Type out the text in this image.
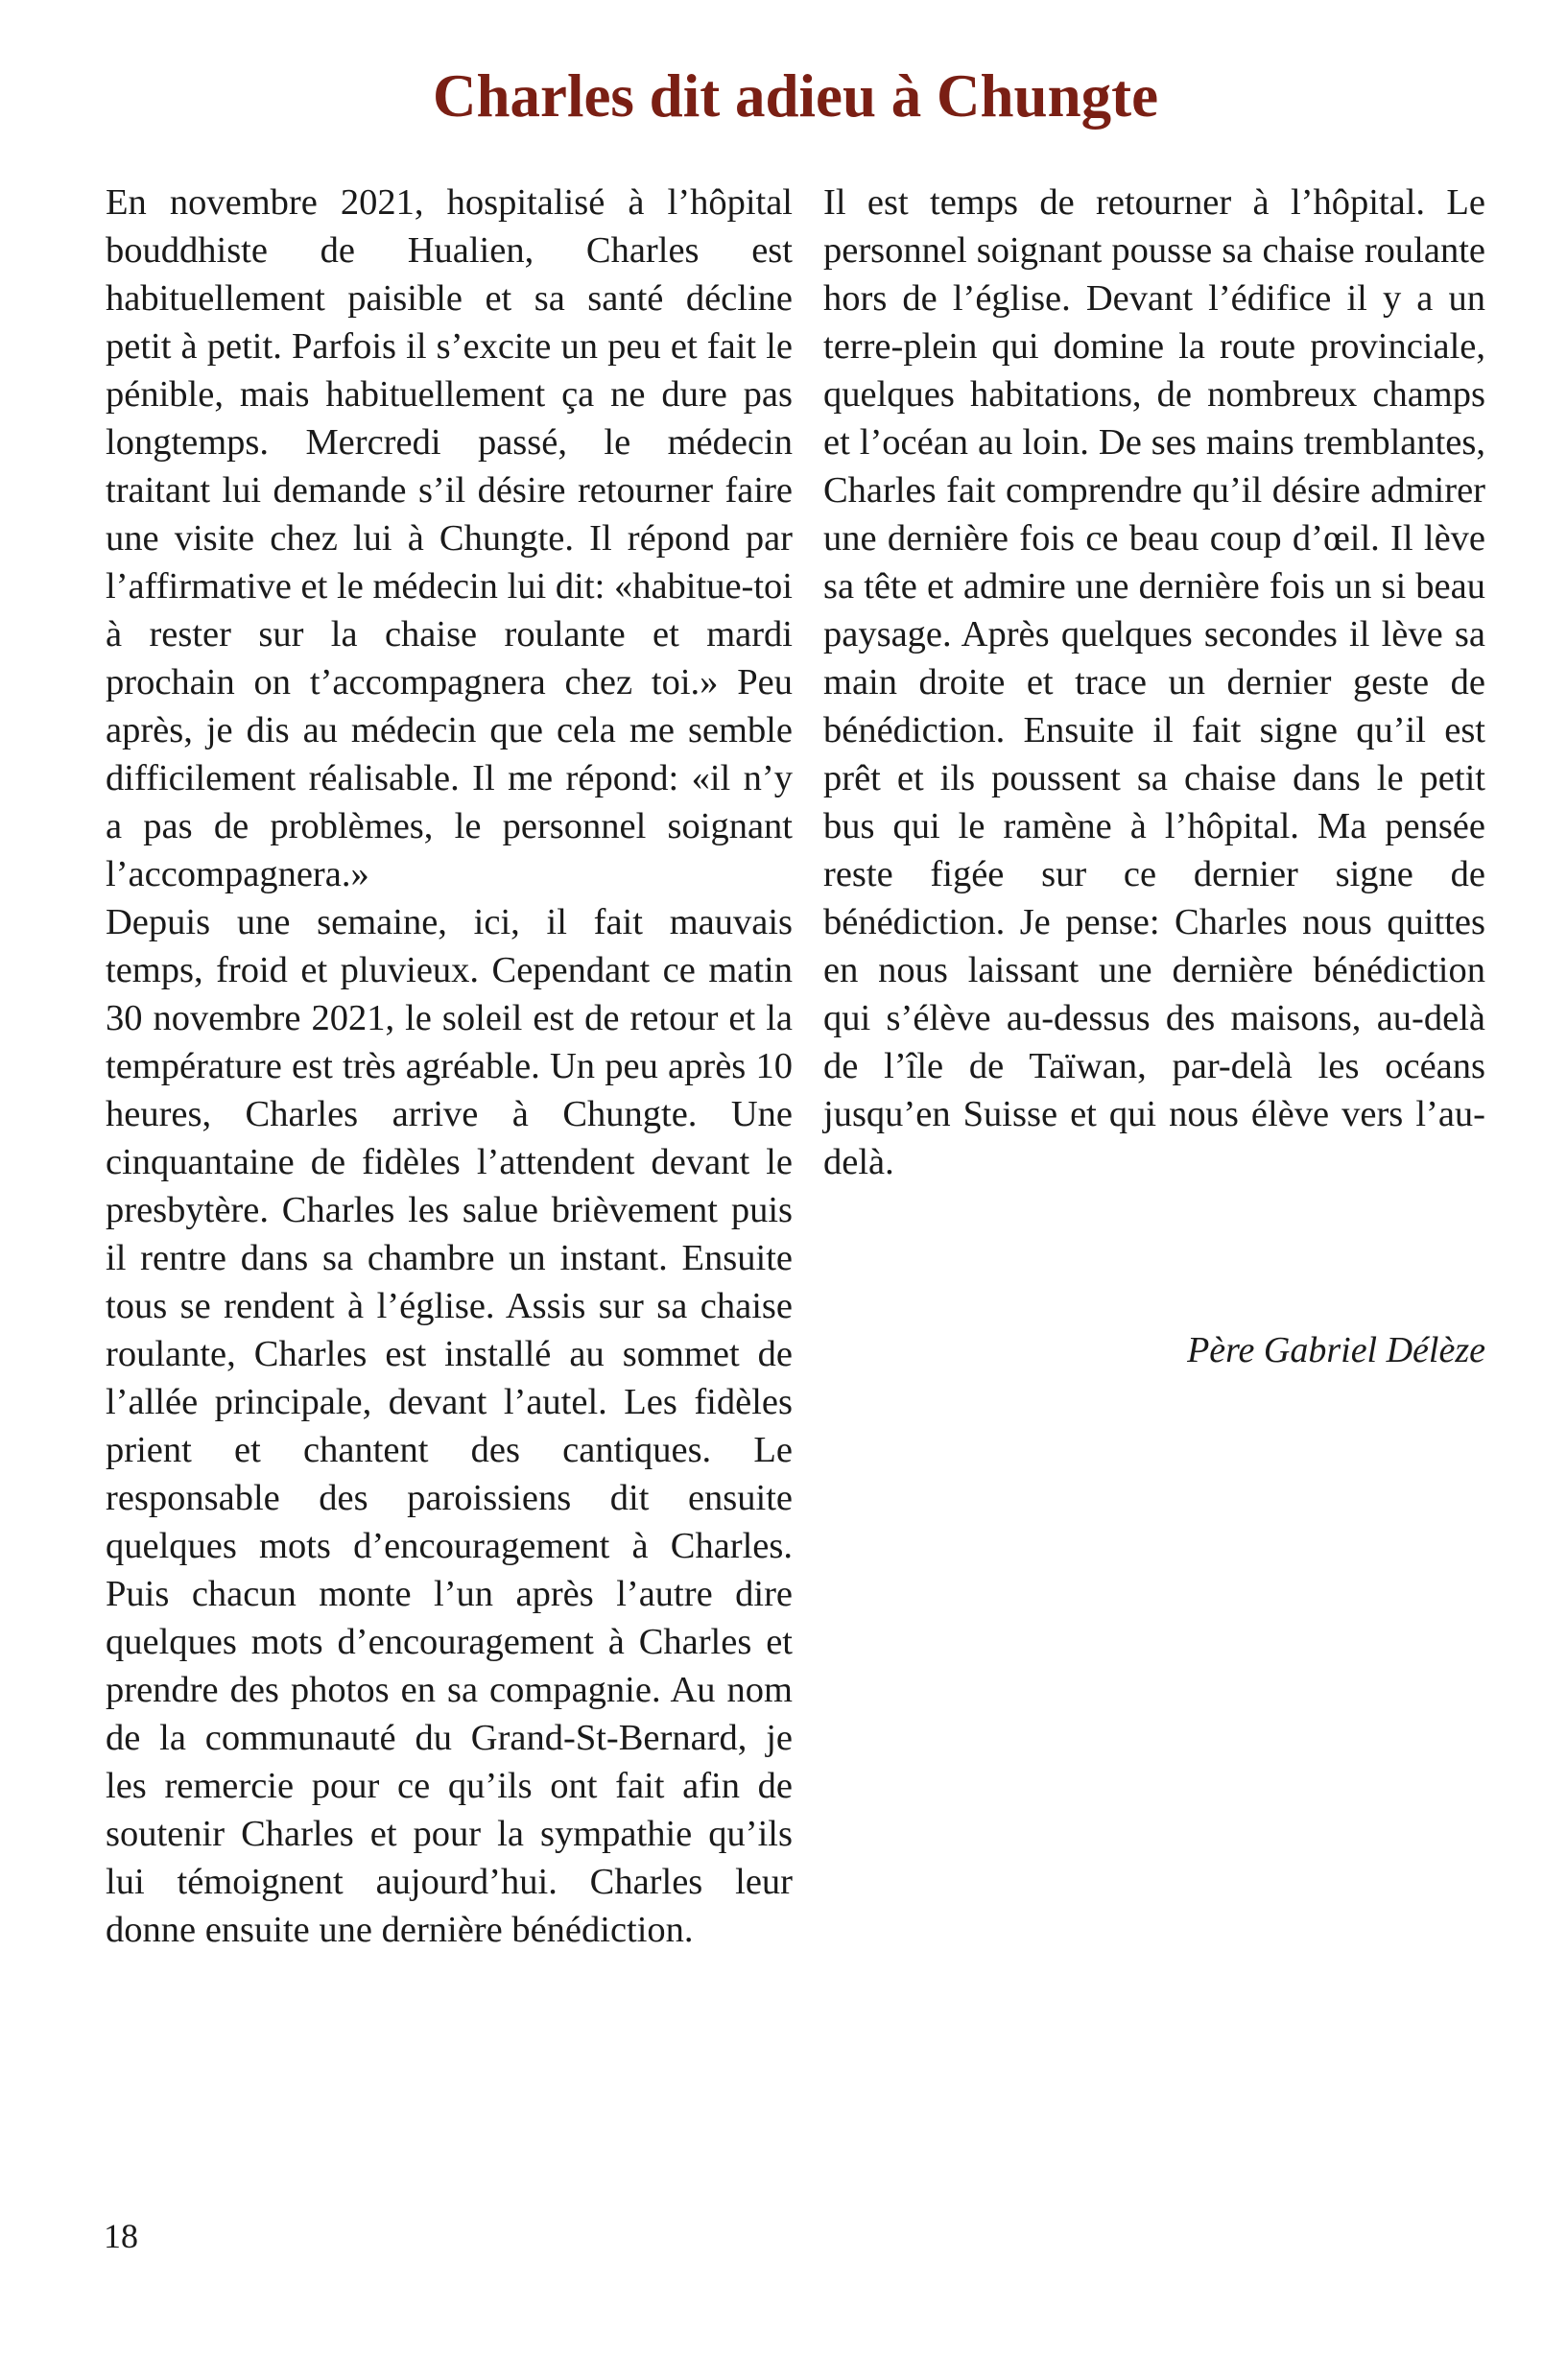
Charles dit adieu à Chungte

En novembre 2021, hospitalisé à l’hôpital bouddhiste de Hualien, Charles est habituellement paisible et sa santé décline petit à petit. Parfois il s’excite un peu et fait le pénible, mais habituellement ça ne dure pas longtemps. Mercredi passé, le médecin traitant lui demande s’il désire retourner faire une visite chez lui à Chungte. Il répond par l’affirmative et le médecin lui dit: «habitue-toi à rester sur la chaise roulante et mardi prochain on t’accompagnera chez toi.» Peu après, je dis au médecin que cela me semble difficilement réalisable. Il me répond: «il n’y a pas de problèmes, le personnel soignant l’accompagnera.»

Depuis une semaine, ici, il fait mauvais temps, froid et pluvieux. Cependant ce matin 30 novembre 2021, le soleil est de retour et la température est très agréable. Un peu après 10 heures, Charles arrive à Chungte. Une cinquantaine de fidèles l’attendent devant le presbytère. Charles les salue brièvement puis il rentre dans sa chambre un instant. Ensuite tous se rendent à l’église. Assis sur sa chaise roulante, Charles est installé au sommet de l’allée principale, devant l’autel. Les fidèles prient et chantent des cantiques. Le responsable des paroissiens dit ensuite quelques mots d’encouragement à Charles. Puis chacun monte l’un après l’autre dire quelques mots d’encouragement à Charles et prendre des photos en sa compagnie. Au nom de la communauté du Grand-St-Bernard, je les remercie pour ce qu’ils ont fait afin de soutenir Charles et pour la sympathie qu’ils lui témoignent aujourd’hui. Charles leur donne ensuite une dernière bénédiction.

Il est temps de retourner à l’hôpital. Le personnel soignant pousse sa chaise roulante hors de l’église. Devant l’édifice il y a un terre-plein qui domine la route provinciale, quelques habitations, de nombreux champs et l’océan au loin. De ses mains tremblantes, Charles fait comprendre qu’il désire admirer une dernière fois ce beau coup d’œil. Il lève sa tête et admire une dernière fois un si beau paysage. Après quelques secondes il lève sa main droite et trace un dernier geste de bénédiction. Ensuite il fait signe qu’il est prêt et ils poussent sa chaise dans le petit bus qui le ramène à l’hôpital. Ma pensée reste figée sur ce dernier signe de bénédiction. Je pense: Charles nous quittes en nous laissant une dernière bénédiction qui s’élève au-dessus des maisons, au-delà de l’île de Taïwan, par-delà les océans jusqu’en Suisse et qui nous élève vers l’au-delà.

Père Gabriel Délèze

18
